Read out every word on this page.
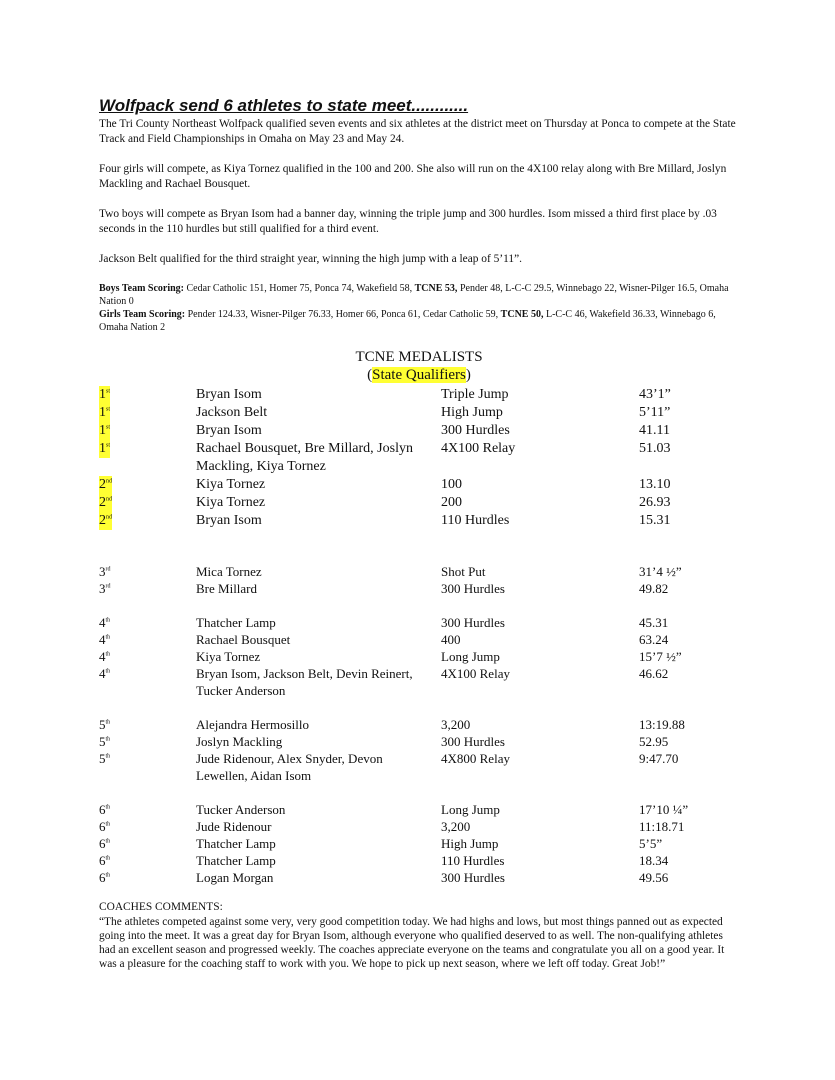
Wolfpack send 6 athletes to state meet............

The Tri County Northeast Wolfpack qualified seven events and six athletes at the district meet on Thursday at Ponca to compete at the State Track and Field Championships in Omaha on May 23 and May 24.

Four girls will compete, as Kiya Tornez qualified in the 100 and 200. She also will run on the 4X100 relay along with Bre Millard, Joslyn Mackling and Rachael Bousquet.

Two boys will compete as Bryan Isom had a banner day, winning the triple jump and 300 hurdles. Isom missed a third first place by .03 seconds in the 110 hurdles but still qualified for a third event.

Jackson Belt qualified for the third straight year, winning the high jump with a leap of 5’11”.

Boys Team Scoring: Cedar Catholic 151, Homer 75, Ponca 74, Wakefield 58, TCNE 53, Pender 48, L-C-C 29.5, Winnebago 22, Wisner-Pilger 16.5, Omaha Nation 0
Girls Team Scoring: Pender 124.33, Wisner-Pilger 76.33, Homer 66, Ponca 61, Cedar Catholic 59, TCNE 50, L-C-C 46, Wakefield 36.33, Winnebago 6, Omaha Nation 2
TCNE MEDALISTS
(State Qualifiers)
1st	Bryan Isom	Triple Jump	43’1”
1st	Jackson Belt	High Jump	5’11”
1st	Bryan Isom	300 Hurdles	41.11
1st	Rachael Bousquet, Bre Millard, Joslyn Mackling, Kiya Tornez
4X100 Relay	51.03
2nd	Kiya Tornez	100	13.10
2nd	Kiya Tornez	200	26.93
2nd	Bryan Isom	110 Hurdles	15.31
3rd	Mica Tornez	Shot Put	31’4 ½”
3rd	Bre Millard	300 Hurdles	49.82
4th	Thatcher Lamp	300 Hurdles	45.31
4th	Rachael Bousquet	400	63.24
4th	Kiya Tornez	Long Jump	15’7 ½”
4th	Bryan Isom, Jackson Belt, Devin Reinert, Tucker Anderson
4X100 Relay	46.62
5th	Alejandra Hermosillo	3,200	13:19.88
5th	Joslyn Mackling	300 Hurdles	52.95
5th	Jude Ridenour, Alex Snyder, Devon Lewellen, Aidan Isom
4X800 Relay	9:47.70
6th	Tucker Anderson	Long Jump	17’10 ¼”
6th	Jude Ridenour	3,200	11:18.71
6th	Thatcher Lamp	High Jump	5’5”
6th	Thatcher Lamp	110 Hurdles	18.34
6th	Logan Morgan	300 Hurdles	49.56
COACHES COMMENTS:
“The athletes competed against some very, very good competition today. We had highs and lows, but most things panned out as expected going into the meet. It was a great day for Bryan Isom, although everyone who qualified deserved to as well. The non-qualifying athletes had an excellent season and progressed weekly. The coaches appreciate everyone on the teams and congratulate you all on a good year. It was a pleasure for the coaching staff to work with you. We hope to pick up next season, where we left off today. Great Job!”
